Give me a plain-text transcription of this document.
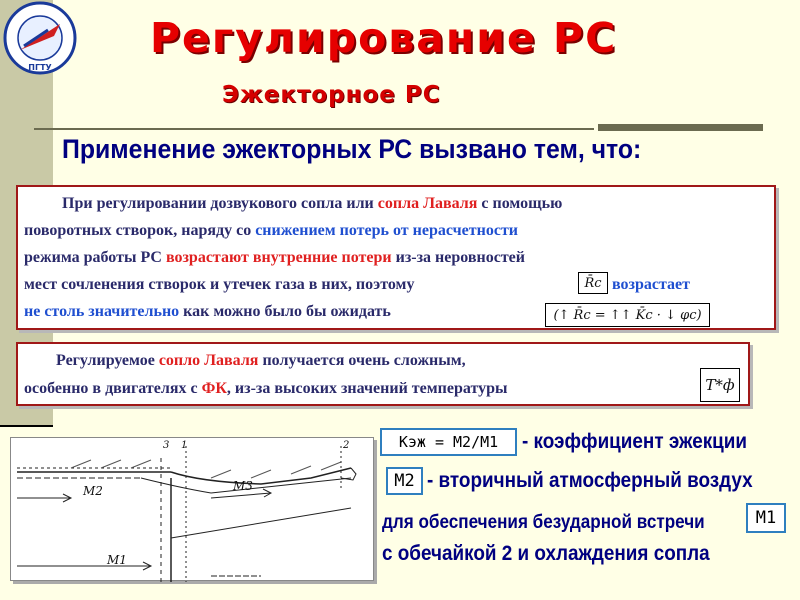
ПГТУ
Регулирование РС
Эжекторное РС
Применение эжекторных РС вызвано тем, что:
При регулировании дозвукового сопла или сопла Лаваля с помощью
поворотных створок, наряду со снижением потерь от нерасчетности
режима работы РС возрастают внутренние потери из-за неровностей
мест сочленения створок и утечек газа в них, поэтому	R̄c возрастает
не столь значительно как можно было бы ожидать	(↑ R̄c = ↑↑ K̄c · ↓ φc)
Регулируемое сопло Лаваля получается очень сложным,
особенно в двигателях с ФК, из-за высоких значений температуры	T*ф
M2	M3
M1
3 1	2	Кэж = M2/M1	- коэффициент эжекции
M2 - вторичный атмосферный воздух
для обеспечения безударной встречи	M1
с обечайкой 2 и охлаждения сопла
